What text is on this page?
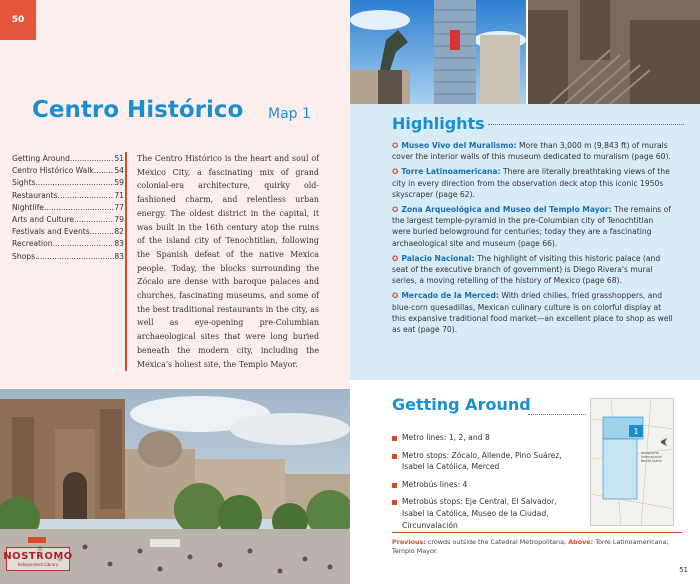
50
Centro Histórico Map 1
Getting Around .....	51
Centro Histórico Walk .....	54
Sights .....	59
Restaurants .....	71
Nightlife .....	77
Arts and Culture .....	79
Festivals and Events .....	82
Recreation .....	83
Shops .....	83

The Centro Histórico is the heart and soul of Mexico City, a fascinating mix of grand colonial-era architecture, quirky old-fashioned charm, and relentless urban energy. The oldest district in the capital, it was built in the 16th century atop the ruins of the island city of Tenochtitlan, following the Spanish defeat of the native Mexica people. Today, the blocks surrounding the Zócalo are dense with baroque palaces and churches, fascinating museums, and some of the best traditional restaurants in the city, as well as eye-opening pre-Columbian archaeological sites that were long buried beneath the modern city, including the Mexica's holiest site, the Templo Mayor.

NOSTROMO
Independent Library
Highlights

✪ Museo Vivo del Muralismo: More than 3,000 m (9,843 ft) of murals cover the interior walls of this museum dedicated to muralism (page 60).

✪ Torre Latinoamericana: There are literally breathtaking views of the city in every direction from the observation deck atop this iconic 1950s skyscraper (page 62).

✪ Zona Arqueológica and Museo del Templo Mayor: The remains of the largest temple-pyramid in the pre-Columbian city of Tenochtitlan were buried belowground for centuries; today they are a fascinating archaeological site and museum (page 66).

✪ Palacio Nacional: The highlight of visiting this historic palace (and seat of the executive branch of government) is Diego Rivera's mural series, a moving retelling of the history of Mexico (page 68).

✪ Mercado de la Merced: With dried chilies, fried grasshoppers, and blue-corn quesadillas, Mexican culinary culture is on colorful display at this expansive traditional food market—an excellent place to shop as well as eat (page 70).

Getting Around
Metro lines: 1, 2, and 8
Metro stops: Zócalo, Allende, Pino Suárez, Isabel la Católica, Merced
Metrobús lines: 4
Metrobús stops: Eje Central, El Salvador, Isabel la Católica, Museo de la Ciudad, Circunvalación
1
Aeropuerto Internacional Benito Juárez

Previous: crowds outside the Catedral Metropolitana; Above: Torre Latinoamericana; Templo Mayor.

51
